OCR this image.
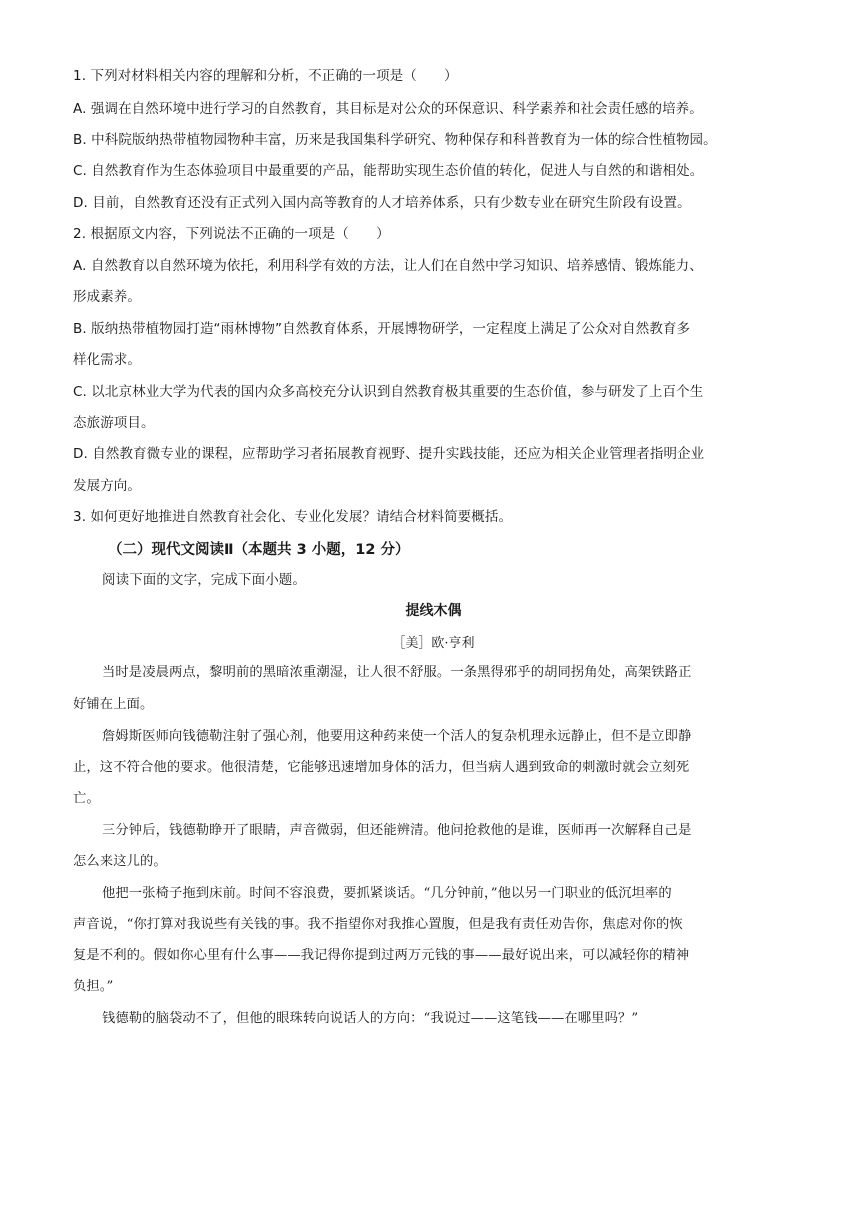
1. 下列对材料相关内容的理解和分析，不正确的一项是（　　）
A. 强调在自然环境中进行学习的自然教育，其目标是对公众的环保意识、科学素养和社会责任感的培养。
B. 中科院版纳热带植物园物种丰富，历来是我国集科学研究、物种保存和科普教育为一体的综合性植物园。
C. 自然教育作为生态体验项目中最重要的产品，能帮助实现生态价值的转化，促进人与自然的和谐相处。
D. 目前，自然教育还没有正式列入国内高等教育的人才培养体系，只有少数专业在研究生阶段有设置。
2. 根据原文内容，下列说法不正确的一项是（　　）
A. 自然教育以自然环境为依托，利用科学有效的方法，让人们在自然中学习知识、培养感情、锻炼能力、
形成素养。
B. 版纳热带植物园打造“雨林博物”自然教育体系，开展博物研学，一定程度上满足了公众对自然教育多
样化需求。
C. 以北京林业大学为代表的国内众多高校充分认识到自然教育极其重要的生态价值，参与研发了上百个生
态旅游项目。
D. 自然教育微专业的课程，应帮助学习者拓展教育视野、提升实践技能，还应为相关企业管理者指明企业
发展方向。
3. 如何更好地推进自然教育社会化、专业化发展？请结合材料简要概括。
（二）现代文阅读Ⅱ（本题共 3 小题，12 分）
阅读下面的文字，完成下面小题。
提线木偶
［美］欧·亨利
当时是凌晨两点，黎明前的黑暗浓重潮湿，让人很不舒服。一条黑得邪乎的胡同拐角处，高架铁路正
好铺在上面。
詹姆斯医师向钱德勒注射了强心剂，他要用这种药来使一个活人的复杂机理永远静止，但不是立即静
止，这不符合他的要求。他很清楚，它能够迅速增加身体的活力，但当病人遇到致命的刺激时就会立刻死
亡。
三分钟后，钱德勒睁开了眼睛，声音微弱，但还能辨清。他问抢救他的是谁，医师再一次解释自己是
怎么来这儿的。
他把一张椅子拖到床前。时间不容浪费，要抓紧谈话。“几分钟前，”他以另一门职业的低沉坦率的
声音说，“你打算对我说些有关钱的事。我不指望你对我推心置腹，但是我有责任劝告你，焦虑对你的恢
复是不利的。假如你心里有什么事——我记得你提到过两万元钱的事——最好说出来，可以减轻你的精神
负担。”
钱德勒的脑袋动不了，但他的眼珠转向说话人的方向：“我说过——这笔钱——在哪里吗？”
